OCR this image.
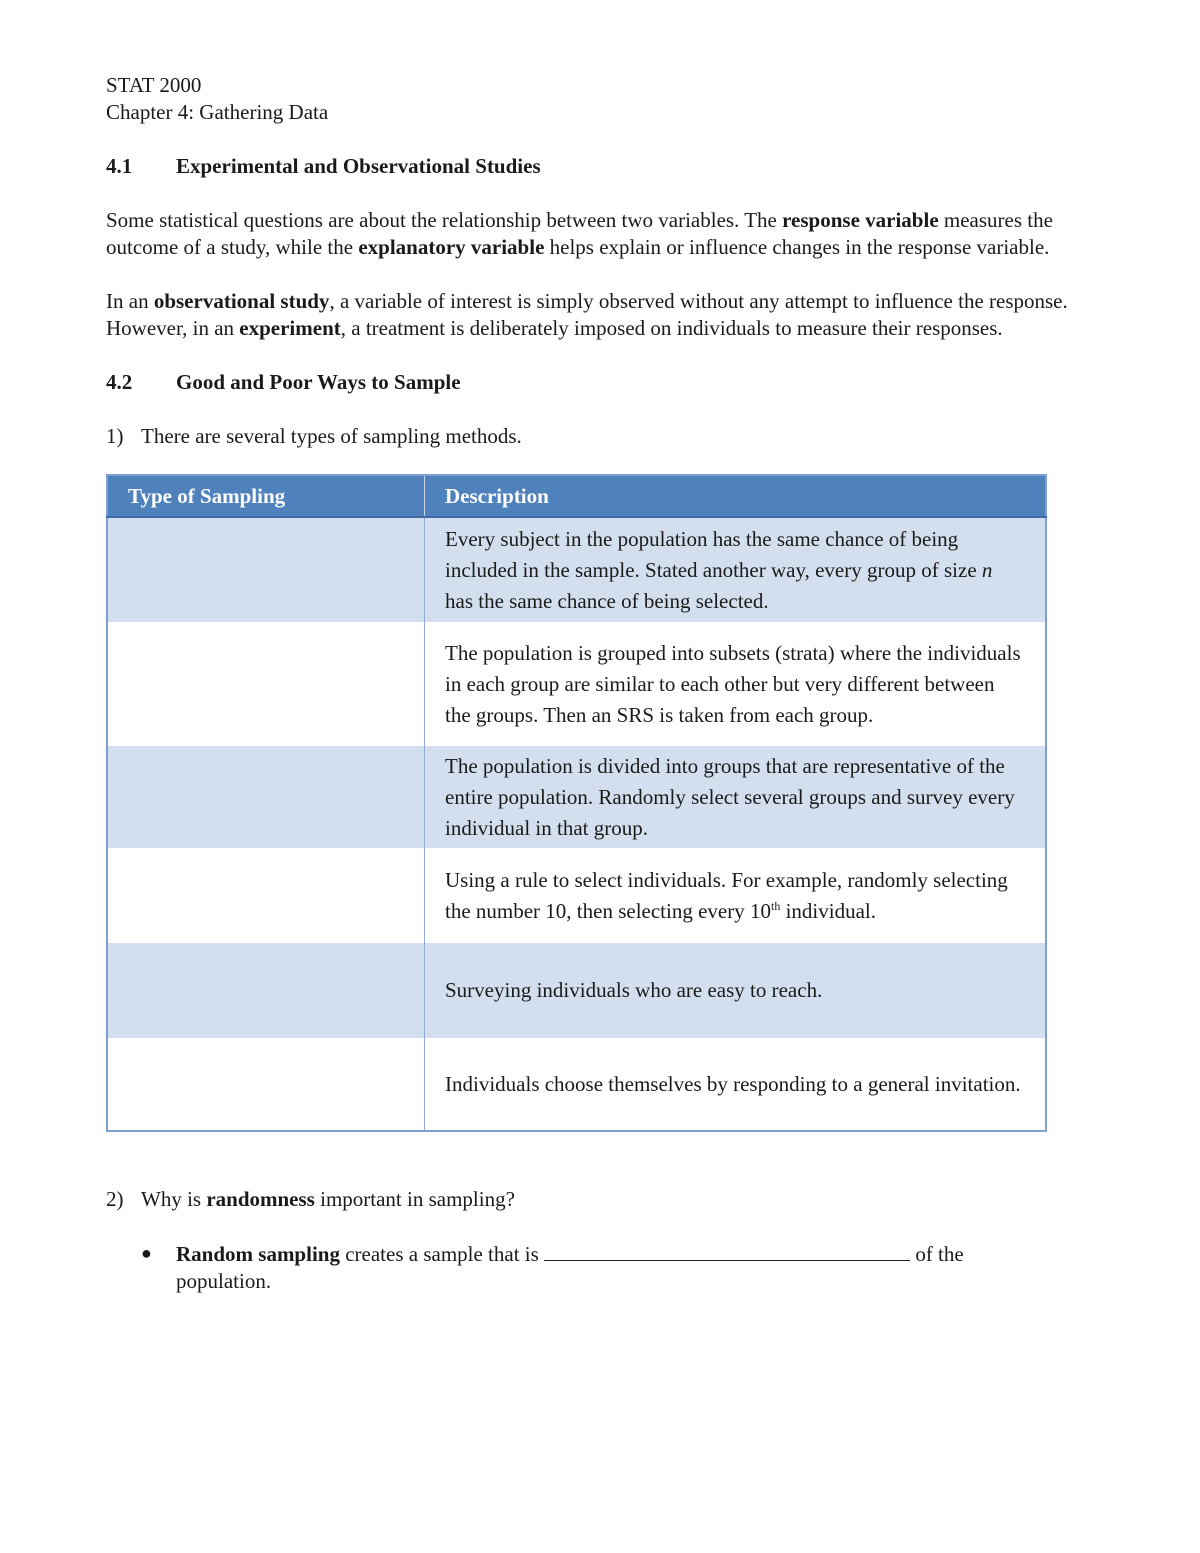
STAT 2000
Chapter 4: Gathering Data
4.1	Experimental and Observational Studies

Some statistical questions are about the relationship between two variables. The response variable measures the outcome of a study, while the explanatory variable helps explain or influence changes in the response variable.

In an observational study, a variable of interest is simply observed without any attempt to influence the response. However, in an experiment, a treatment is deliberately imposed on individuals to measure their responses.

4.2	Good and Poor Ways to Sample
1) There are several types of sampling methods.
Type of Sampling	Description
	Every subject in the population has the same chance of being included in the sample. Stated another way, every group of size n has the same chance of being selected.
	The population is grouped into subsets (strata) where the individuals in each group are similar to each other but very different between the groups. Then an SRS is taken from each group.
	The population is divided into groups that are representative of the entire population. Randomly select several groups and survey every individual in that group.
	Using a rule to select individuals. For example, randomly selecting the number 10, then selecting every 10th individual.
	Surveying individuals who are easy to reach.
	Individuals choose themselves by responding to a general invitation.
2) Why is randomness important in sampling?
●	Random sampling creates a sample that is	of the population.
